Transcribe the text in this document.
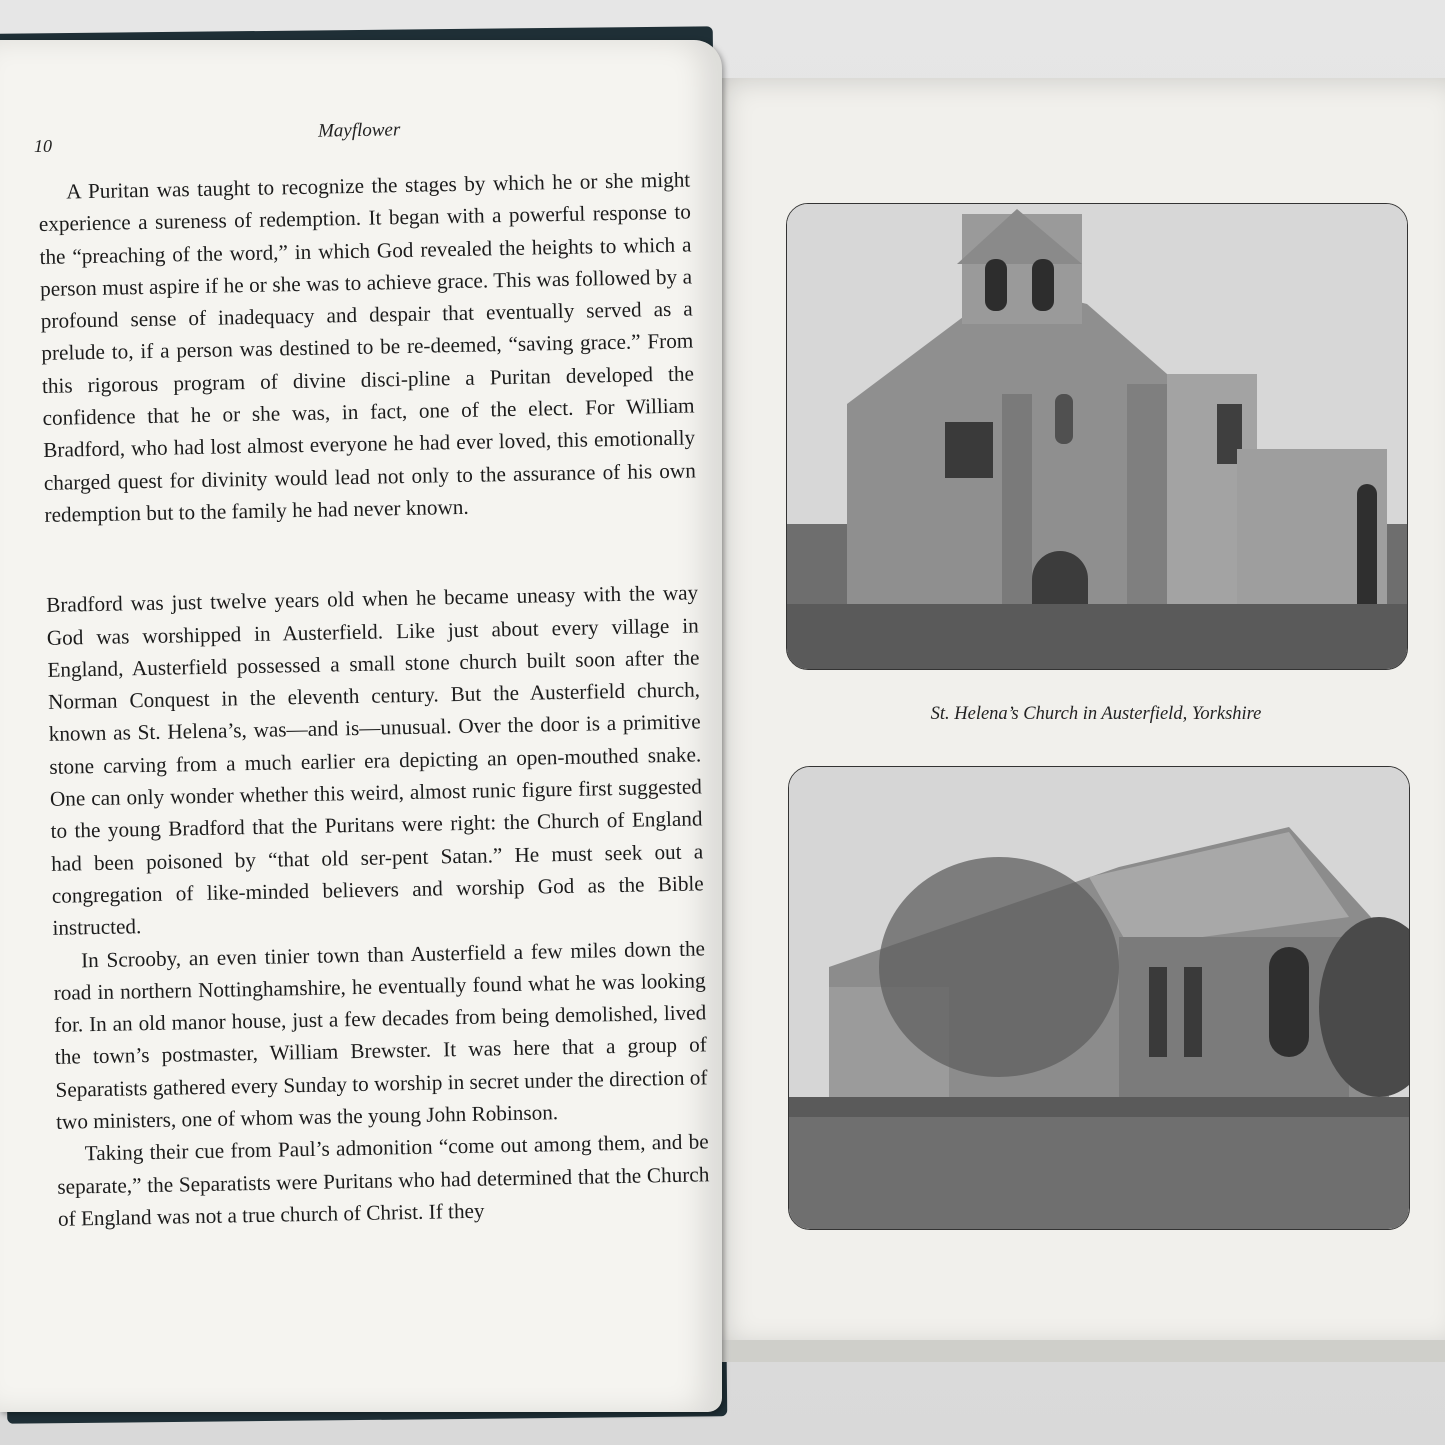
10
Mayflower

A Puritan was taught to recognize the stages by which he or she might experience a sureness of redemption. It began with a powerful response to the “preaching of the word,” in which God revealed the heights to which a person must aspire if he or she was to achieve grace. This was followed by a profound sense of inadequacy and despair that eventually served as a prelude to, if a person was destined to be re-deemed, “saving grace.” From this rigorous program of divine disci-pline a Puritan developed the confidence that he or she was, in fact, one of the elect. For William Bradford, who had lost almost everyone he had ever loved, this emotionally charged quest for divinity would lead not only to the assurance of his own redemption but to the family he had never known.

Bradford was just twelve years old when he became uneasy with the way God was worshipped in Austerfield. Like just about every village in England, Austerfield possessed a small stone church built soon after the Norman Conquest in the eleventh century. But the Austerfield church, known as St. Helena’s, was—and is—unusual. Over the door is a primitive stone carving from a much earlier era depicting an open-mouthed snake. One can only wonder whether this weird, almost runic figure first suggested to the young Bradford that the Puritans were right: the Church of England had been poisoned by “that old ser-pent Satan.” He must seek out a congregation of like-minded believers and worship God as the Bible instructed.

In Scrooby, an even tinier town than Austerfield a few miles down the road in northern Nottinghamshire, he eventually found what he was looking for. In an old manor house, just a few decades from being demolished, lived the town’s postmaster, William Brewster. It was here that a group of Separatists gathered every Sunday to worship in secret under the direction of two ministers, one of whom was the young John Robinson.

Taking their cue from Paul’s admonition “come out among them, and be separate,” the Separatists were Puritans who had determined that the Church of England was not a true church of Christ. If they

St. Helena’s Church in Austerfield, Yorkshire
